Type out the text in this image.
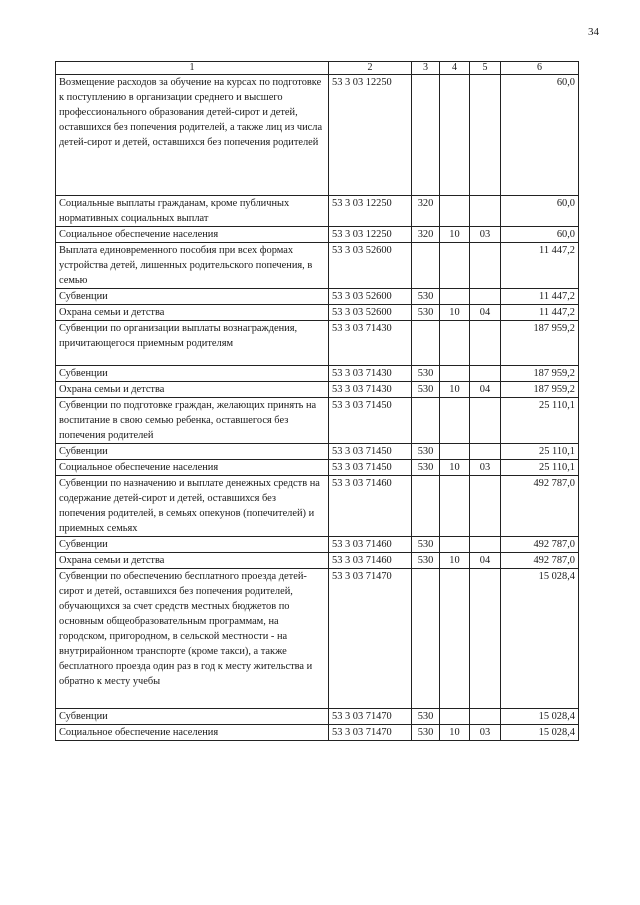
34
1	2	3	4	5	6
Возмещение расходов за обучение на курсах по подготовке к поступлению в организации среднего и высшего профессионального образования детей-сирот и детей, оставшихся без попечения родителей, а также лиц из числа детей-сирот и детей, оставшихся без попечения родителей	53 3 03 12250				60,0
Социальные выплаты гражданам, кроме публичных нормативных социальных выплат	53 3 03 12250	320			60,0
Социальное обеспечение населения	53 3 03 12250	320	10	03	60,0
Выплата единовременного пособия при всех формах устройства детей, лишенных родительского попечения, в семью	53 3 03 52600				11 447,2
Субвенции	53 3 03 52600	530			11 447,2
Охрана семьи и детства	53 3 03 52600	530	10	04	11 447,2
Субвенции по организации выплаты вознаграждения, причитающегося приемным родителям	53 3 03 71430				187 959,2
Субвенции	53 3 03 71430	530			187 959,2
Охрана семьи и детства	53 3 03 71430	530	10	04	187 959,2
Субвенции по подготовке граждан, желающих принять на воспитание в свою семью ребенка, оставшегося без попечения родителей	53 3 03 71450				25 110,1
Субвенции	53 3 03 71450	530			25 110,1
Социальное обеспечение населения	53 3 03 71450	530	10	03	25 110,1
Субвенции по назначению и выплате денежных средств на содержание детей-сирот и детей, оставшихся без попечения родителей, в семьях опекунов (попечителей) и приемных семьях	53 3 03 71460				492 787,0
Субвенции	53 3 03 71460	530			492 787,0
Охрана семьи и детства	53 3 03 71460	530	10	04	492 787,0
Субвенции по обеспечению бесплатного проезда детей-сирот и детей, оставшихся без попечения родителей, обучающихся за счет средств местных бюджетов по основным общеобразовательным программам, на городском, пригородном, в сельской местности - на внутрирайонном транспорте (кроме такси), а также бесплатного проезда один раз в год к месту жительства и обратно к месту учебы	53 3 03 71470				15 028,4
Субвенции	53 3 03 71470	530			15 028,4
Социальное обеспечение населения	53 3 03 71470	530	10	03	15 028,4
